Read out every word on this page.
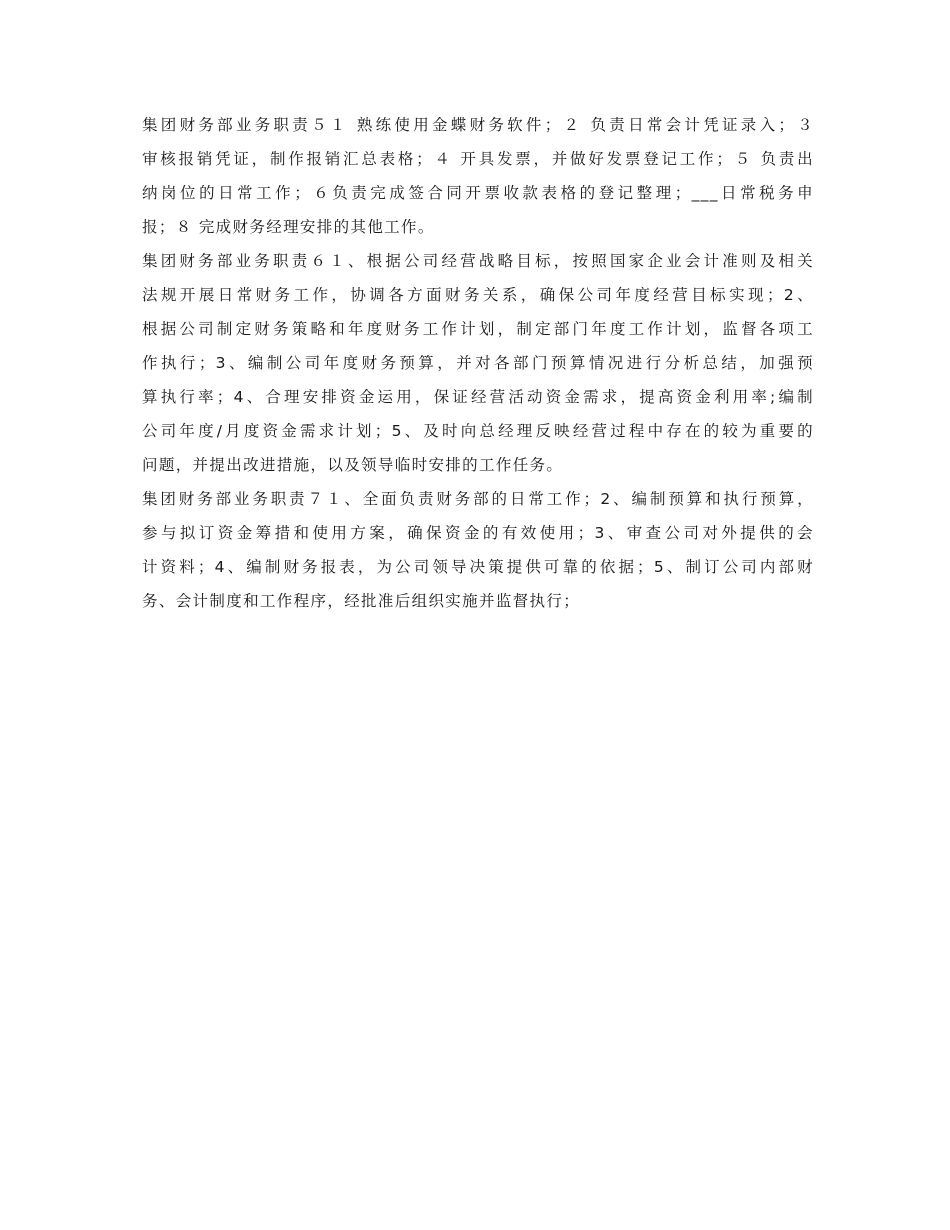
集团财务部业务职责５１ 熟练使用金蝶财务软件；２ 负责日常会计凭证录入；３
审核报销凭证，制作报销汇总表格；４ 开具发票，并做好发票登记工作；５ 负责出
纳岗位的日常工作；６负责完成签合同开票收款表格的登记整理；___日常税务申
报；８ 完成财务经理安排的其他工作。
集团财务部业务职责６１、根据公司经营战略目标，按照国家企业会计准则及相关
法规开展日常财务工作，协调各方面财务关系，确保公司年度经营目标实现；2、
根据公司制定财务策略和年度财务工作计划，制定部门年度工作计划，监督各项工
作执行；3、编制公司年度财务预算，并对各部门预算情况进行分析总结，加强预
算执行率；4、合理安排资金运用，保证经营活动资金需求，提高资金利用率;编制
公司年度/月度资金需求计划；5、及时向总经理反映经营过程中存在的较为重要的
问题，并提出改进措施，以及领导临时安排的工作任务。
集团财务部业务职责７１、全面负责财务部的日常工作；2、编制预算和执行预算，
参与拟订资金筹措和使用方案，确保资金的有效使用；3、审查公司对外提供的会
计资料；4、编制财务报表，为公司领导决策提供可靠的依据；5、制订公司内部财
务、会计制度和工作程序，经批准后组织实施并监督执行；
